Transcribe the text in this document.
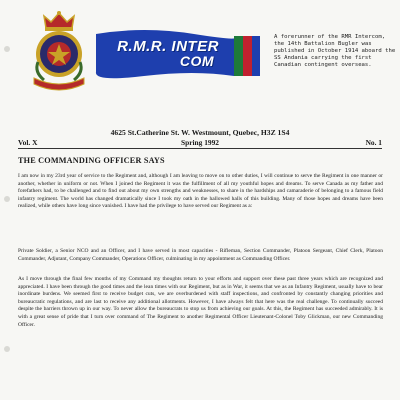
R.M.R. INTER
COM
A forerunner of the RMR Intercom, the 14th Battalion Bugler was published in October 1914 aboard the SS Andania carrying the first Canadian contingent overseas.
4625 St.Catherine St. W. Westmount, Quebec, H3Z 1S4
Vol. X	Spring 1992	No. 1
THE COMMANDING OFFICER SAYS
I am now in my 23rd year of service to the Regiment and, although I am leaving to move on to other duties, I will continue to serve the Regiment in one manner or another, whether in uniform or not. When I joined the Regiment it was the fulfillment of all my youthful hopes and dreams. To serve Canada as my father and forefathers had, to be challenged and to find out about my own strengths and weaknesses, to share in the hardships and camaraderie of belonging to a famous field infantry regiment. The world has changed dramatically since I took my oath in the hallowed halls of this building. Many of those hopes and dreams have been realized, while others have long since vanished. I have had the privilege to have served our Regiment as a:
Private Soldier, a Senior NCO and an Officer, and I have served in most capacities - Rifleman, Section Commander, Platoon Sergeant, Chief Clerk, Platoon Commander, Adjutant, Company Commander, Operations Officer, culminating in my appointment as Commanding Officer.
As I move through the final few months of my Command my thoughts return to your efforts and support over these past three years which are recognized and appreciated. I have been through the good times and the lean times with our Regiment, but as in War, it seems that we as an Infantry Regiment, usually have to bear inordinate burdens. We seemed first to receive budget cuts, we are overburdened with staff inspections, and confronted by constantly changing priorities and bureaucratic regulations, and are last to receive any additional allotments. However, I have always felt that here was the real challenge. To continually succeed despite the barriers thrown up in our way. To never allow the bureaucrats to stop us from achieving our goals. At this, the Regiment has succeeded admirably. It is with a great sense of pride that I turn over command of The Regiment to another Regimental Officer Lieutenant-Colonel Toby Glickman, our new Commanding Officer.
